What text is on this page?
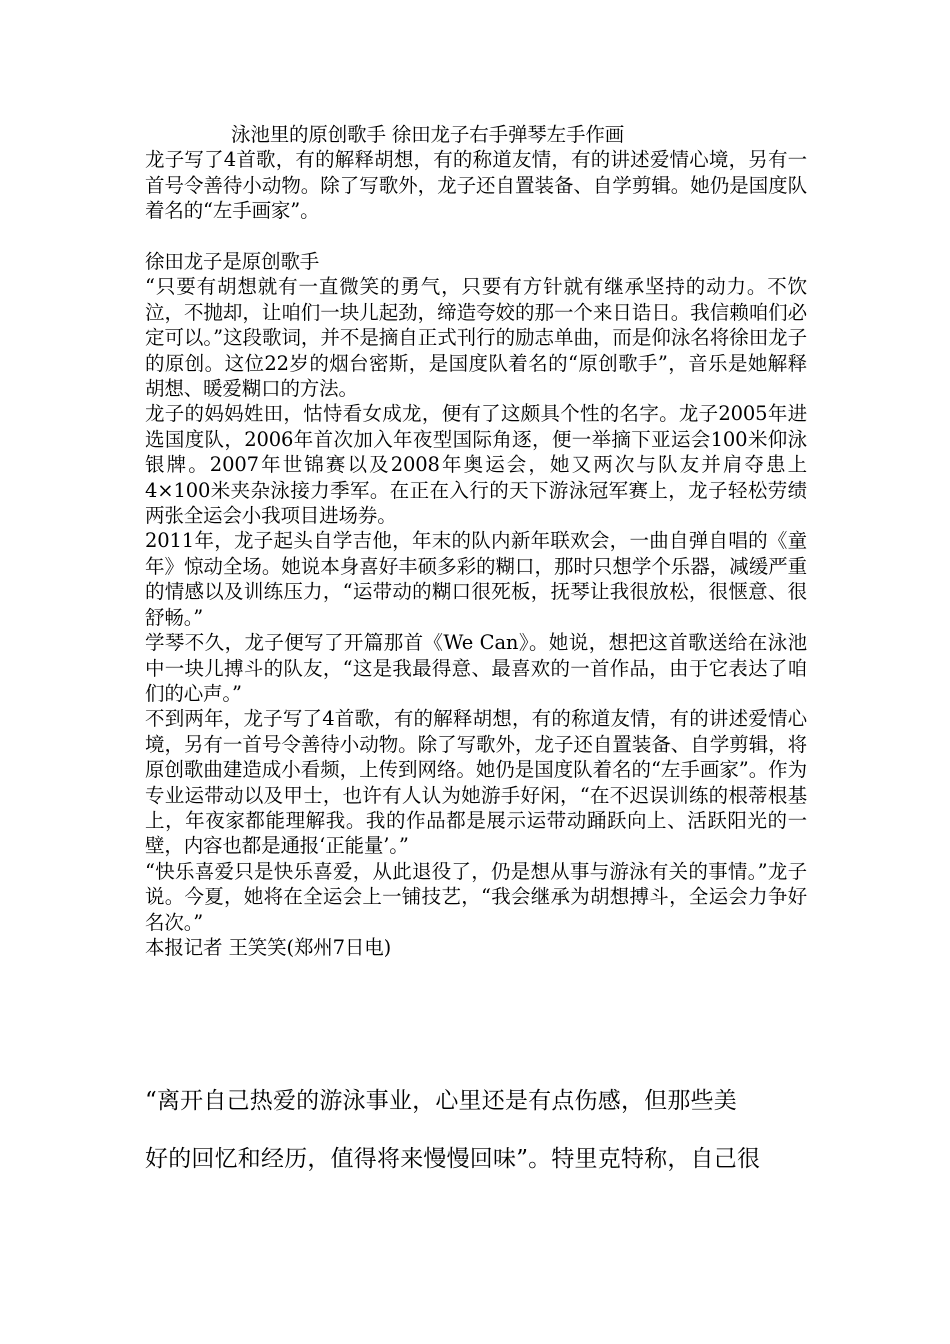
泳池里的原创歌手 徐田龙子右手弹琴左手作画

龙子写了4首歌，有的解释胡想，有的称道友情，有的讲述爱情心境，另有一首号令善待小动物。除了写歌外，龙子还自置装备、自学剪辑。她仍是国度队着名的“左手画家”。

徐田龙子是原创歌手

“只要有胡想就有一直微笑的勇气，只要有方针就有继承坚持的动力。不饮泣，不抛却，让咱们一块儿起劲，缔造夸姣的那一个来日诰日。我信赖咱们必定可以。”这段歌词，并不是摘自正式刊行的励志单曲，而是仰泳名将徐田龙子的原创。这位22岁的烟台密斯，是国度队着名的“原创歌手”，音乐是她解释胡想、暖爱糊口的方法。

龙子的妈妈姓田，怙恃看女成龙，便有了这颇具个性的名字。龙子2005年进选国度队，2006年首次加入年夜型国际角逐，便一举摘下亚运会100米仰泳银牌。2007年世锦赛以及2008年奥运会，她又两次与队友并肩夺患上4×100米夹杂泳接力季军。在正在入行的天下游泳冠军赛上，龙子轻松劳绩两张全运会小我项目进场券。

2011年，龙子起头自学吉他，年末的队内新年联欢会，一曲自弹自唱的《童年》惊动全场。她说本身喜好丰硕多彩的糊口，那时只想学个乐器，减缓严重的情感以及训练压力，“运带动的糊口很死板，抚琴让我很放松，很惬意、很舒畅。”

学琴不久，龙子便写了开篇那首《We Can》。她说，想把这首歌送给在泳池中一块儿搏斗的队友，“这是我最得意、最喜欢的一首作品，由于它表达了咱们的心声。”

不到两年，龙子写了4首歌，有的解释胡想，有的称道友情，有的讲述爱情心境，另有一首号令善待小动物。除了写歌外，龙子还自置装备、自学剪辑，将原创歌曲建造成小看频，上传到网络。她仍是国度队着名的“左手画家”。作为专业运带动以及甲士，也许有人认为她游手好闲，“在不迟误训练的根蒂根基上，年夜家都能理解我。我的作品都是展示运带动踊跃向上、活跃阳光的一壁，内容也都是通报‘正能量’。”

“快乐喜爱只是快乐喜爱，从此退役了，仍是想从事与游泳有关的事情。”龙子说。今夏，她将在全运会上一铺技艺，“我会继承为胡想搏斗，全运会力争好名次。”

本报记者 王笑笑(郑州7日电)

“离开自己热爱的游泳事业，心里还是有点伤感，但那些美

好的回忆和经历，值得将来慢慢回味”。特里克特称，自己很
